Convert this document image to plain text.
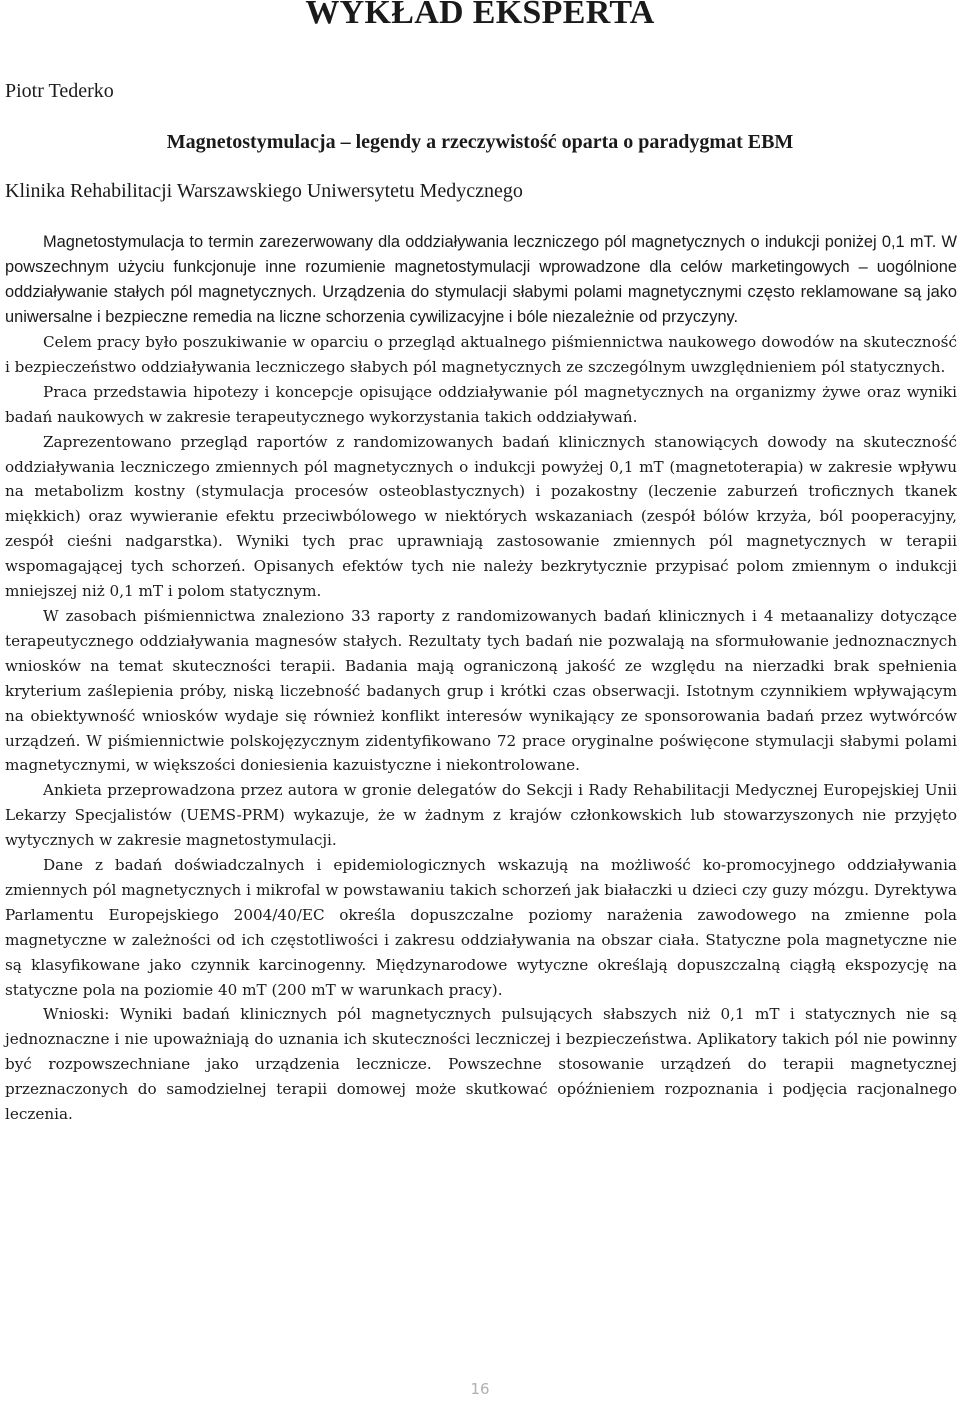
WYKŁAD EKSPERTA

Piotr Tederko

Magnetostymulacja – legendy a rzeczywistość oparta o paradygmat EBM

Klinika Rehabilitacji Warszawskiego Uniwersytetu Medycznego

Magnetostymulacja to termin zarezerwowany dla oddziaływania leczniczego pól magnetycznych o indukcji poniżej 0,1 mT. W powszechnym użyciu funkcjonuje inne rozumienie magnetostymulacji wprowadzone dla celów marketingowych – uogólnione oddziaływanie stałych pól magnetycznych. Urządzenia do stymulacji słabymi polami magnetycznymi często reklamowane są jako uniwersalne i bezpieczne remedia na liczne schorzenia cywilizacyjne i bóle niezależnie od przyczyny.

Celem pracy było poszukiwanie w oparciu o przegląd aktualnego piśmiennictwa naukowego dowodów na skuteczność i bezpieczeństwo oddziaływania leczniczego słabych pól magnetycznych ze szczególnym uwzględnieniem pól statycznych.

Praca przedstawia hipotezy i koncepcje opisujące oddziaływanie pól magnetycznych na organizmy żywe oraz wyniki badań naukowych w zakresie terapeutycznego wykorzystania takich oddziaływań.

Zaprezentowano przegląd raportów z randomizowanych badań klinicznych stanowiących dowody na skuteczność oddziaływania leczniczego zmiennych pól magnetycznych o indukcji powyżej 0,1 mT (magnetoterapia) w zakresie wpływu na metabolizm kostny (stymulacja procesów osteoblastycznych) i pozakostny (leczenie zaburzeń troficznych tkanek miękkich) oraz wywieranie efektu przeciwbólowego w niektórych wskazaniach (zespół bólów krzyża, ból pooperacyjny, zespół cieśni nadgarstka). Wyniki tych prac uprawniają zastosowanie zmiennych pól magnetycznych w terapii wspomagającej tych schorzeń. Opisanych efektów tych nie należy bezkrytycznie przypisać polom zmiennym o indukcji mniejszej niż 0,1 mT i polom statycznym.

W zasobach piśmiennictwa znaleziono 33 raporty z randomizowanych badań klinicznych i 4 metaanalizy dotyczące terapeutycznego oddziaływania magnesów stałych. Rezultaty tych badań nie pozwalają na sformułowanie jednoznacznych wniosków na temat skuteczności terapii. Badania mają ograniczoną jakość ze względu na nierzadki brak spełnienia kryterium zaślepienia próby, niską liczebność badanych grup i krótki czas obserwacji. Istotnym czynnikiem wpływającym na obiektywność wniosków wydaje się również konflikt interesów wynikający ze sponsorowania badań przez wytwórców urządzeń. W piśmiennictwie polskojęzycznym zidentyfikowano 72 prace oryginalne poświęcone stymulacji słabymi polami magnetycznymi, w większości doniesienia kazuistyczne i niekontrolowane.

Ankieta przeprowadzona przez autora w gronie delegatów do Sekcji i Rady Rehabilitacji Medycznej Europejskiej Unii Lekarzy Specjalistów (UEMS-PRM) wykazuje, że w żadnym z krajów członkowskich lub stowarzyszonych nie przyjęto wytycznych w zakresie magnetostymulacji.

Dane z badań doświadczalnych i epidemiologicznych wskazują na możliwość ko-promocyjnego oddziaływania zmiennych pól magnetycznych i mikrofal w powstawaniu takich schorzeń jak białaczki u dzieci czy guzy mózgu. Dyrektywa Parlamentu Europejskiego 2004/40/EC określa dopuszczalne poziomy narażenia zawodowego na zmienne pola magnetyczne w zależności od ich częstotliwości i zakresu oddziaływania na obszar ciała. Statyczne pola magnetyczne nie są klasyfikowane jako czynnik karcinogenny. Międzynarodowe wytyczne określają dopuszczalną ciągłą ekspozycję na statyczne pola na poziomie 40 mT (200 mT w warunkach pracy).

Wnioski: Wyniki badań klinicznych pól magnetycznych pulsujących słabszych niż 0,1 mT i statycznych nie są jednoznaczne i nie upoważniają do uznania ich skuteczności leczniczej i bezpieczeństwa. Aplikatory takich pól nie powinny być rozpowszechniane jako urządzenia lecznicze. Powszechne stosowanie urządzeń do terapii magnetycznej przeznaczonych do samodzielnej terapii domowej może skutkować opóźnieniem rozpoznania i podjęcia racjonalnego leczenia.

16
